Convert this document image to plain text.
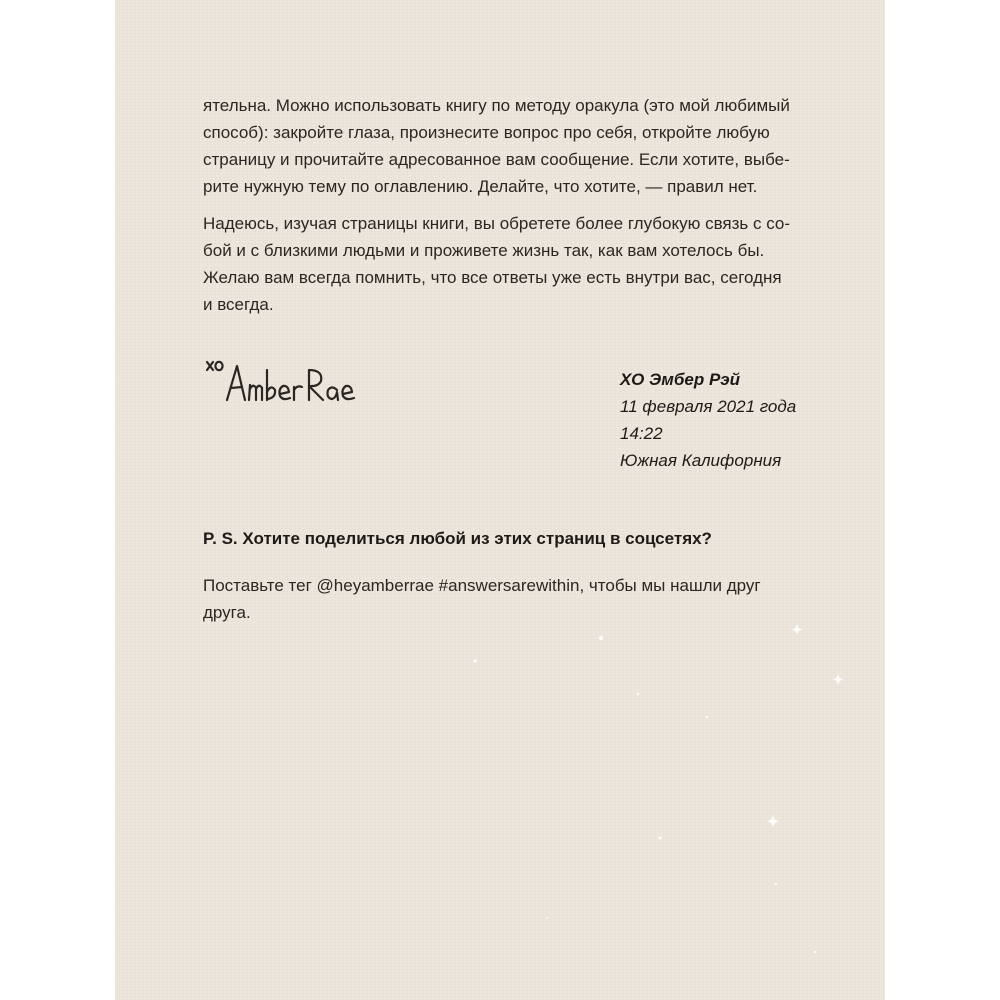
ятельна. Можно использовать книгу по методу оракула (это мой любимый
способ): закройте глаза, произнесите вопрос про себя, откройте любую
страницу и прочитайте адресованное вам сообщение. Если хотите, выбе-
рите нужную тему по оглавлению. Делайте, что хотите, — правил нет.

Надеюсь, изучая страницы книги, вы обретете более глубокую связь с со-
бой и с близкими людьми и проживете жизнь так, как вам хотелось бы.
Желаю вам всегда помнить, что все ответы уже есть внутри вас, сегодня
и всегда.

ХО Эмбер Рэй
11 февраля 2021 года
14:22
Южная Калифорния

P. S. Хотите поделиться любой из этих страниц в соцсетях?

Поставьте тег @heyamberrae #answersarewithin, чтобы мы нашли друг
друга.
